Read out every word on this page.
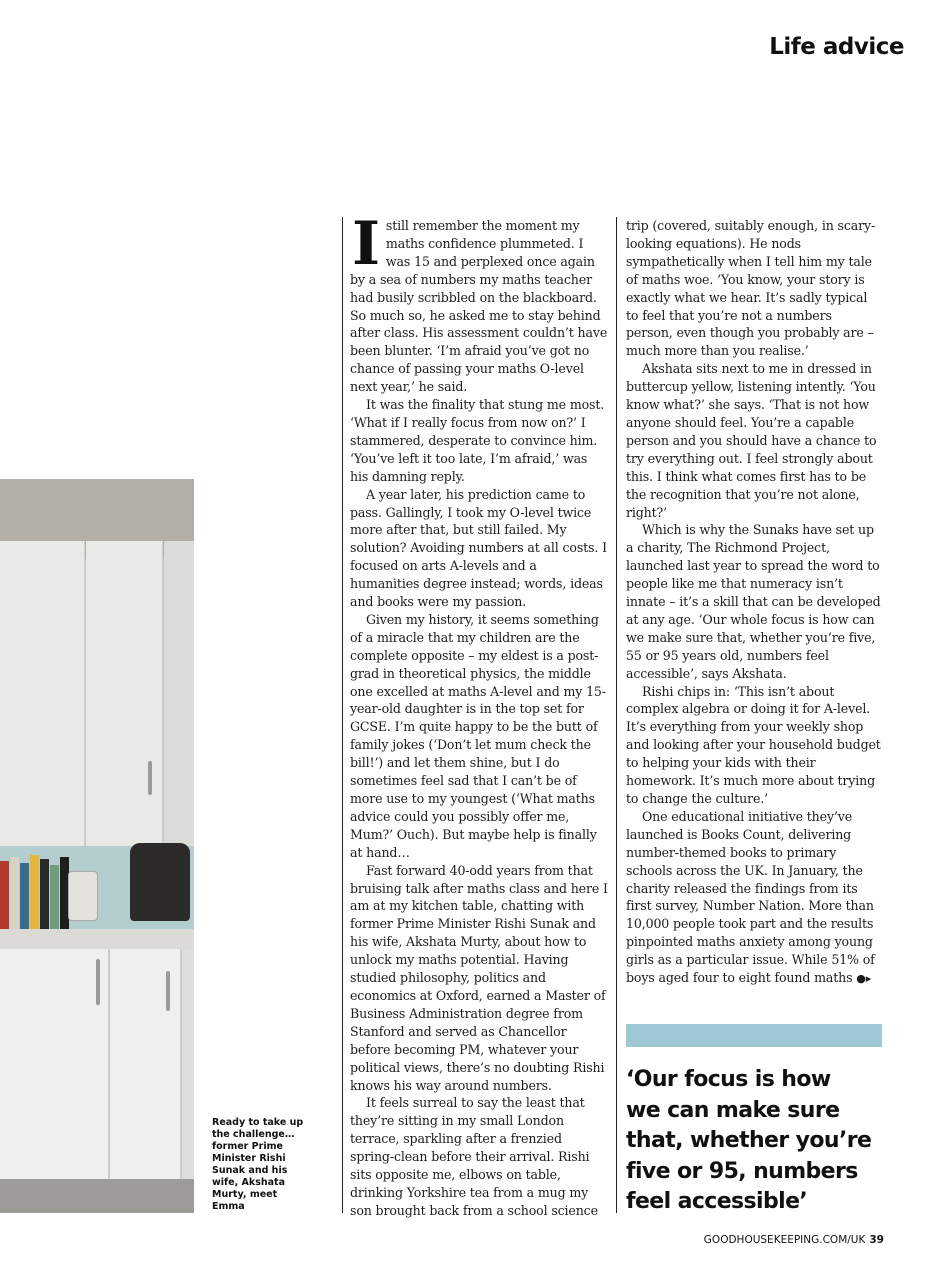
Life advice
Ready to take up the challenge… former Prime Minister Rishi Sunak and his wife, Akshata Murty, meet Emma

Istill remember the moment my maths confidence plummeted. I was 15 and perplexed once again by a sea of numbers my maths teacher had busily scribbled on the blackboard. So much so, he asked me to stay behind after class. His assessment couldn’t have been blunter. ‘I’m afraid you’ve got no chance of passing your maths O-level next year,’ he said.

It was the finality that stung me most. ‘What if I really focus from now on?’ I stammered, desperate to convince him. ‘You’ve left it too late, I’m afraid,’ was his damning reply.

A year later, his prediction came to pass. Gallingly, I took my O-level twice more after that, but still failed. My solution? Avoiding numbers at all costs. I focused on arts A-levels and a humanities degree instead; words, ideas and books were my passion.

Given my history, it seems something of a miracle that my children are the complete opposite – my eldest is a post-grad in theoretical physics, the middle one excelled at maths A-level and my 15-year-old daughter is in the top set for GCSE. I’m quite happy to be the butt of family jokes (‘Don’t let mum check the bill!’) and let them shine, but I do sometimes feel sad that I can’t be of more use to my youngest (‘What maths advice could you possibly offer me, Mum?’ Ouch). But maybe help is finally at hand…

Fast forward 40-odd years from that bruising talk after maths class and here I am at my kitchen table, chatting with former Prime Minister Rishi Sunak and his wife, Akshata Murty, about how to unlock my maths potential. Having studied philosophy, politics and economics at Oxford, earned a Master of Business Administration degree from Stanford and served as Chancellor before becoming PM, whatever your political views, there’s no doubting Rishi knows his way around numbers.

It feels surreal to say the least that they’re sitting in my small London terrace, sparkling after a frenzied spring-clean before their arrival. Rishi sits opposite me, elbows on table, drinking Yorkshire tea from a mug my son brought back from a school science

trip (covered, suitably enough, in scary-looking equations). He nods sympathetically when I tell him my tale of maths woe. ‘You know, your story is exactly what we hear. It’s sadly typical to feel that you’re not a numbers person, even though you probably are – much more than you realise.’

Akshata sits next to me in dressed in buttercup yellow, listening intently. ‘You know what?’ she says. ‘That is not how anyone should feel. You’re a capable person and you should have a chance to try everything out. I feel strongly about this. I think what comes first has to be the recognition that you’re not alone, right?’

Which is why the Sunaks have set up a charity, The Richmond Project, launched last year to spread the word to people like me that numeracy isn’t innate – it’s a skill that can be developed at any age. ‘Our whole focus is how can we make sure that, whether you’re five, 55 or 95 years old, numbers feel accessible’, says Akshata.

Rishi chips in: ‘This isn’t about complex algebra or doing it for A-level. It’s everything from your weekly shop and looking after your household budget to helping your kids with their homework. It’s much more about trying to change the culture.’

One educational initiative they’ve launched is Books Count, delivering number-themed books to primary schools across the UK. In January, the charity released the findings from its first survey, Number Nation. More than 10,000 people took part and the results pinpointed maths anxiety among young girls as a particular issue. While 51% of boys aged four to eight found maths ●▸

‘Our focus is how
we can make sure
that, whether you’re
five or 95, numbers
feel accessible’
GOODHOUSEKEEPING.COM/UK 39
